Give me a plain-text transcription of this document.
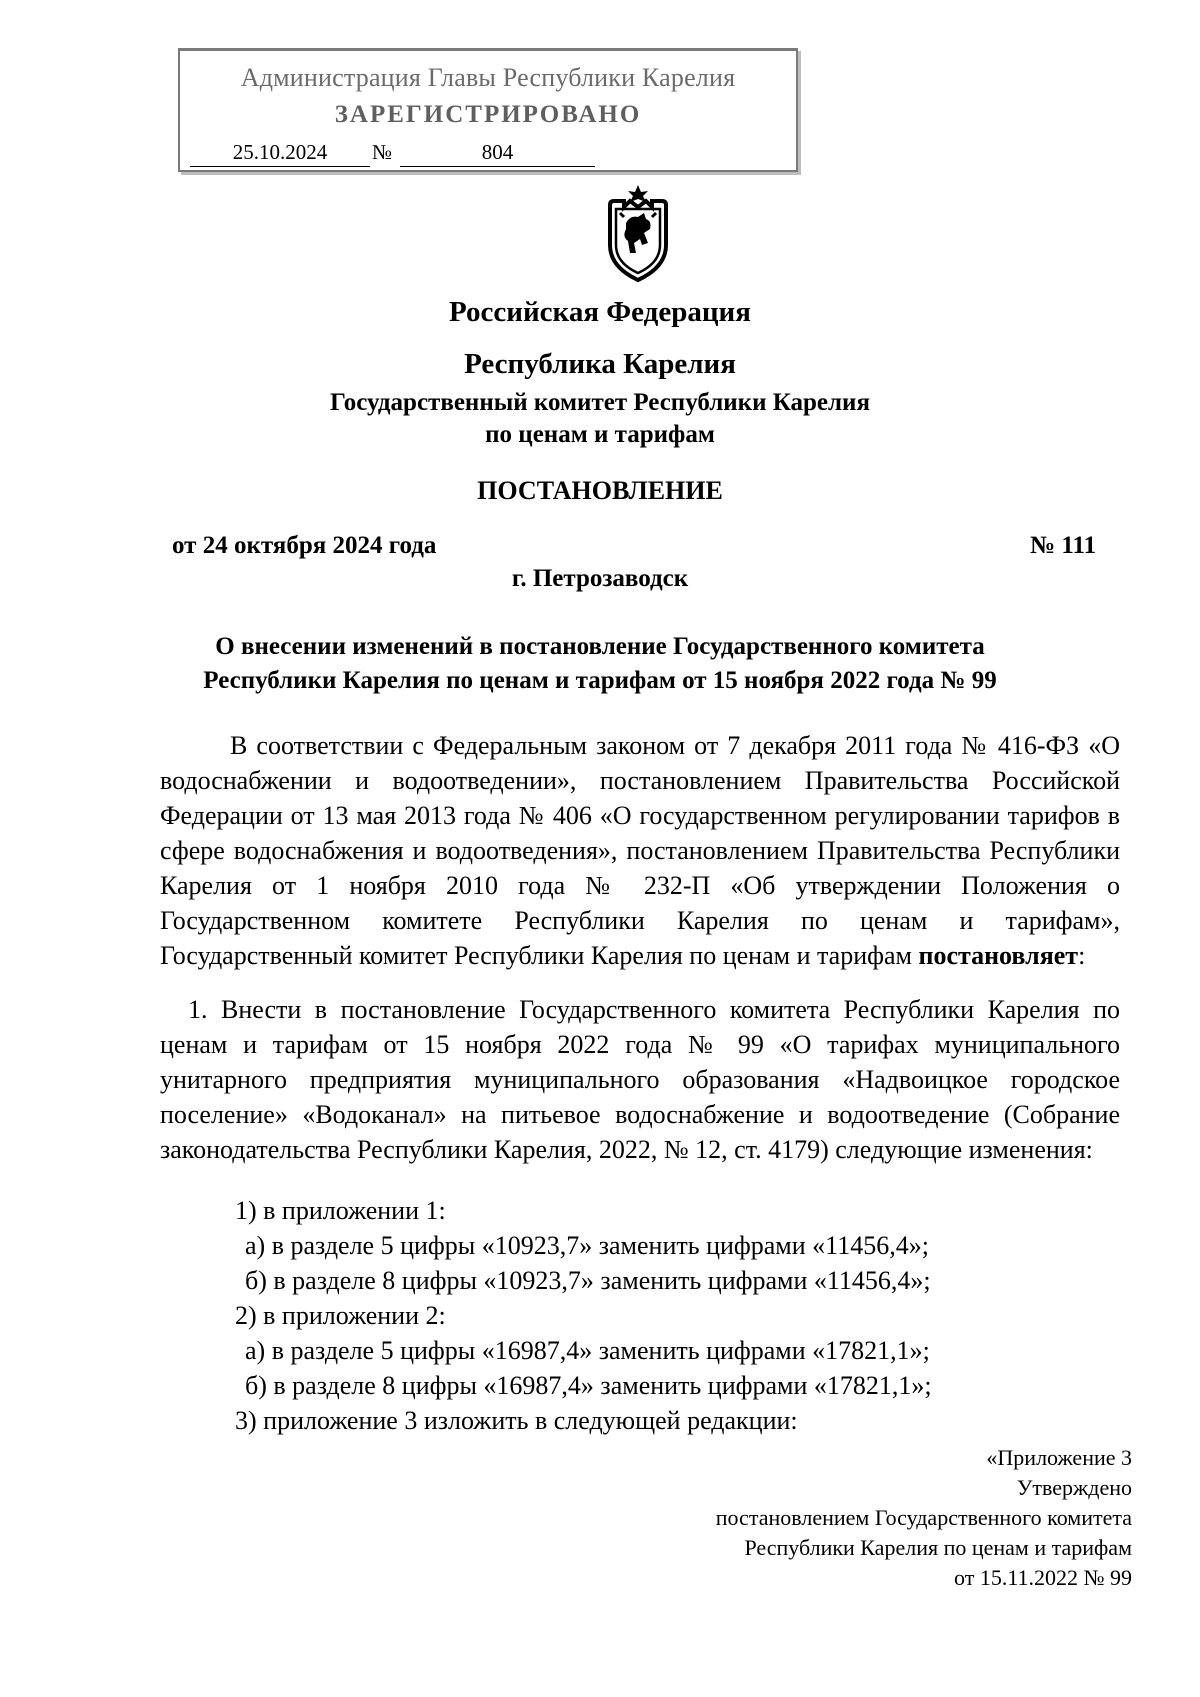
Администрация Главы Республики Карелия
ЗАРЕГИСТРИРОВАНО
25.10.2024	№	804
Российская Федерация
Республика Карелия
Государственный комитет Республики Карелия
по ценам и тарифам
ПОСТАНОВЛЕНИЕ
от 24 октября 2024 года	№ 111
г. Петрозаводск
О внесении изменений в постановление Государственного комитета
Республики Карелия по ценам и тарифам от 15 ноября 2022 года № 99

В соответствии с Федеральным законом от 7 декабря 2011 года № 416-ФЗ «О водоснабжении и водоотведении», постановлением Правительства Российской Федерации от 13 мая 2013 года № 406 «О государственном регулировании тарифов в сфере водоснабжения и водоотведения», постановлением Правительства Республики Карелия от 1 ноября 2010 года № 232-П «Об утверждении Положения о Государственном комитете Республики Карелия по ценам и тарифам», Государственный комитет Республики Карелия по ценам и тарифам постановляет:

1. Внести в постановление Государственного комитета Республики Карелия по ценам и тарифам от 15 ноября 2022 года № 99 «О тарифах муниципального унитарного предприятия муниципального образования «Надвоицкое городское поселение» «Водоканал» на питьевое водоснабжение и водоотведение (Собрание законодательства Республики Карелия, 2022, № 12, ст. 4179) следующие изменения:

1) в приложении 1:
а) в разделе 5 цифры «10923,7» заменить цифрами «11456,4»;
б) в разделе 8 цифры «10923,7» заменить цифрами «11456,4»;
2) в приложении 2:
а) в разделе 5 цифры «16987,4» заменить цифрами «17821,1»;
б) в разделе 8 цифры «16987,4» заменить цифрами «17821,1»;
3) приложение 3 изложить в следующей редакции:
«Приложение 3
Утверждено
постановлением Государственного комитета
Республики Карелия по ценам и тарифам
от 15.11.2022 № 99
